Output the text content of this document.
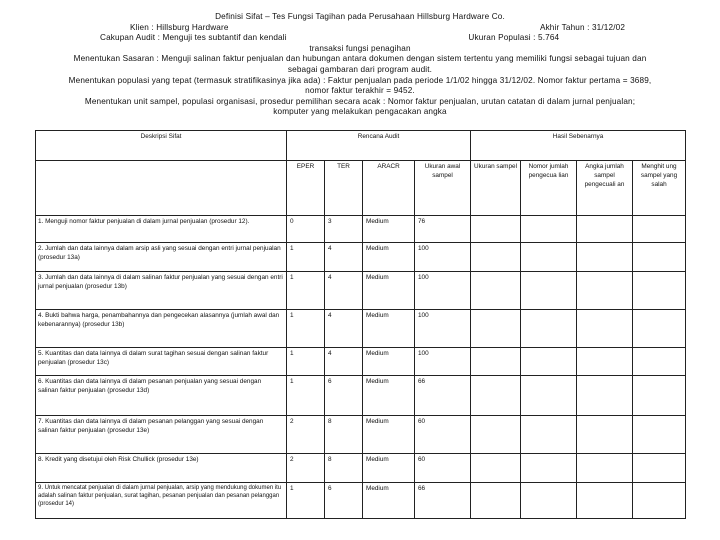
Definisi Sifat – Tes Fungsi Tagihan pada Perusahaan Hillsburg Hardware Co.
Klien : Hillsburg Hardware	Akhir Tahun : 31/12/02
Cakupan Audit : Menguji tes subtantif dan kendali	Ukuran Populasi : 5.764
transaksi fungsi penagihan
Menentukan Sasaran : Menguji salinan faktur penjualan dan hubungan antara dokumen dengan sistem tertentu yang memiliki fungsi sebagai tujuan dan
sebagai gambaran dari program audit.
Menentukan populasi yang tepat (termasuk stratifikasinya jika ada) : Faktur penjualan pada periode 1/1/02 hingga 31/12/02. Nomor faktur pertama = 3689,
nomor faktur terakhir = 9452.
Menentukan unit sampel, populasi organisasi, prosedur pemilihan secara acak : Nomor faktur penjualan, urutan catatan di dalam jurnal penjualan;
komputer yang melakukan pengacakan angka
Deskripsi Sifat	Rencana Audit				Hasil Sebenarnya			
	EPER	TER	ARACR	Ukuran awal sampel	Ukuran sampel	Nomor jumlah pengecua lian	Angka jumlah sampel pengecuali an	Menghit ung sampel yang salah
1. Menguji nomor faktur penjualan di dalam jurnal penjualan (prosedur 12).	0	3	Medium	76				
2. Jumlah dan data lainnya dalam arsip asli yang sesuai dengan entri jurnal penjualan (prosedur 13a)	1	4	Medium	100				
3. Jumlah dan data lainnya di dalam salinan faktur penjualan yang sesuai dengan entri jurnal penjualan (prosedur 13b)	1	4	Medium	100				
4. Bukti bahwa harga, penambahannya dan pengecekan alasannya (jumlah awal dan kebenarannya) (prosedur 13b)	1	4	Medium	100				
5. Kuantitas dan data lainnya di dalam surat tagihan sesuai dengan salinan faktur penjualan (prosedur 13c)	1	4	Medium	100				
6. Kuantitas dan data lainnya di dalam pesanan penjualan yang sesuai dengan salinan faktur penjualan (prosedur 13d)	1	6	Medium	66				
7. Kuantitas dan data lainnya di dalam pesanan pelanggan yang sesuai dengan salinan faktur penjualan (prosedur 13e)	2	8	Medium	60				
8. Kredit yang disetujui oleh Risk Chullick (prosedur 13e)	2	8	Medium	60				
9. Untuk mencatat penjualan di dalam jurnal penjualan, arsip yang mendukung dokumen itu adalah salinan faktur penjualan, surat tagihan, pesanan penjualan dan pesanan pelanggan (prosedur 14)	1	6	Medium	66				
